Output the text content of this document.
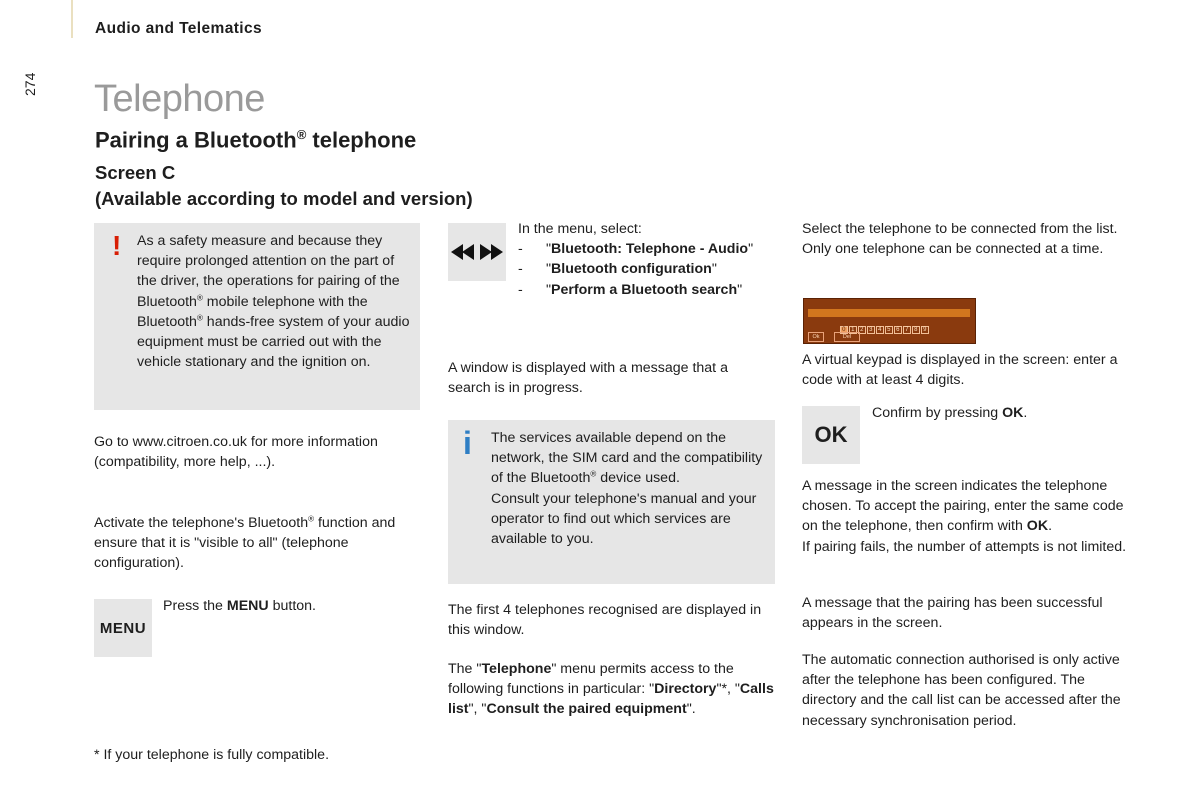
Audio and Telematics
274 Telephone
Pairing a Bluetooth® telephone
Screen C
(Available according to model and version)
! As a safety measure and because they require prolonged attention on the part of the driver, the operations for pairing of the Bluetooth® mobile telephone with the Bluetooth® hands-free system of your audio equipment must be carried out with the vehicle stationary and the ignition on.
Go to www.citroen.co.uk for more information (compatibility, more help, ...).
Activate the telephone's Bluetooth® function and ensure that it is "visible to all" (telephone configuration).
MENU
Press the MENU button.
* If your telephone is fully compatible.
In the menu, select:
- "Bluetooth: Telephone - Audio"
- "Bluetooth configuration"
- "Perform a Bluetooth search"
A window is displayed with a message that a search is in progress.
i The services available depend on the network, the SIM card and the compatibility of the Bluetooth® device used.
Consult your telephone's manual and your operator to find out which services are available to you.
The first 4 telephones recognised are displayed in this window.
The "Telephone" menu permits access to the following functions in particular: "Directory"*, "Calls list", "Consult the paired equipment".
Select the telephone to be connected from the list. Only one telephone can be connected at a time.
0 1 2 3 4 5 6 7 8 9
Ok	Del
A virtual keypad is displayed in the screen: enter a code with at least 4 digits.
OK
Confirm by pressing OK.
A message in the screen indicates the telephone chosen. To accept the pairing, enter the same code on the telephone, then confirm with OK.
If pairing fails, the number of attempts is not limited.
A message that the pairing has been successful appears in the screen.
The automatic connection authorised is only active after the telephone has been configured. The directory and the call list can be accessed after the necessary synchronisation period.
